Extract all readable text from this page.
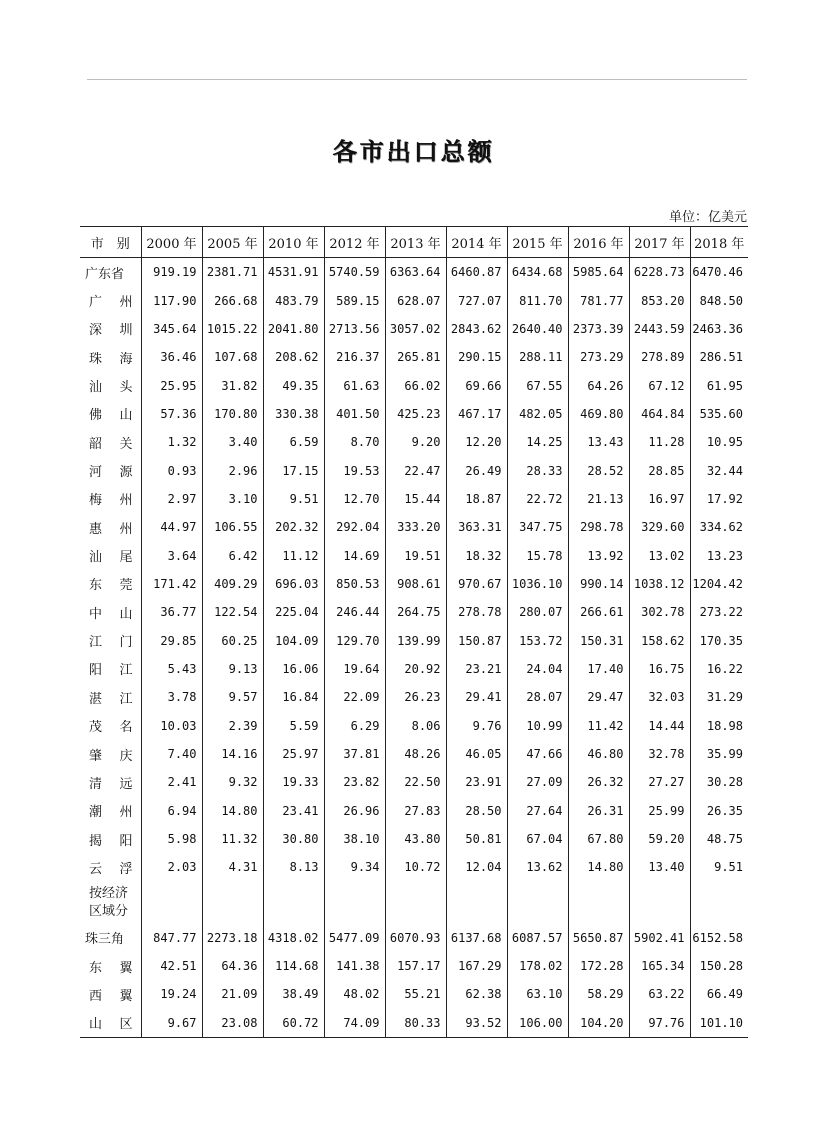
各市出口总额
单位：亿美元
市　别	2000 年	2005 年	2010 年	2012 年	2013 年	2014 年	2015 年	2016 年	2017 年	2018 年
广东省	919.19	2381.71	4531.91	5740.59	6363.64	6460.87	6434.68	5985.64	6228.73	6470.46
广州	117.90	266.68	483.79	589.15	628.07	727.07	811.70	781.77	853.20	848.50
深圳	345.64	1015.22	2041.80	2713.56	3057.02	2843.62	2640.40	2373.39	2443.59	2463.36
珠海	36.46	107.68	208.62	216.37	265.81	290.15	288.11	273.29	278.89	286.51
汕头	25.95	31.82	49.35	61.63	66.02	69.66	67.55	64.26	67.12	61.95
佛山	57.36	170.80	330.38	401.50	425.23	467.17	482.05	469.80	464.84	535.60
韶关	1.32	3.40	6.59	8.70	9.20	12.20	14.25	13.43	11.28	10.95
河源	0.93	2.96	17.15	19.53	22.47	26.49	28.33	28.52	28.85	32.44
梅州	2.97	3.10	9.51	12.70	15.44	18.87	22.72	21.13	16.97	17.92
惠州	44.97	106.55	202.32	292.04	333.20	363.31	347.75	298.78	329.60	334.62
汕尾	3.64	6.42	11.12	14.69	19.51	18.32	15.78	13.92	13.02	13.23
东莞	171.42	409.29	696.03	850.53	908.61	970.67	1036.10	990.14	1038.12	1204.42
中山	36.77	122.54	225.04	246.44	264.75	278.78	280.07	266.61	302.78	273.22
江门	29.85	60.25	104.09	129.70	139.99	150.87	153.72	150.31	158.62	170.35
阳江	5.43	9.13	16.06	19.64	20.92	23.21	24.04	17.40	16.75	16.22
湛江	3.78	9.57	16.84	22.09	26.23	29.41	28.07	29.47	32.03	31.29
茂名	10.03	2.39	5.59	6.29	8.06	9.76	10.99	11.42	14.44	18.98
肇庆	7.40	14.16	25.97	37.81	48.26	46.05	47.66	46.80	32.78	35.99
清远	2.41	9.32	19.33	23.82	22.50	23.91	27.09	26.32	27.27	30.28
潮州	6.94	14.80	23.41	26.96	27.83	28.50	27.64	26.31	25.99	26.35
揭阳	5.98	11.32	30.80	38.10	43.80	50.81	67.04	67.80	59.20	48.75
云浮	2.03	4.31	8.13	9.34	10.72	12.04	13.62	14.80	13.40	9.51
按经济
区域分										
珠三角	847.77	2273.18	4318.02	5477.09	6070.93	6137.68	6087.57	5650.87	5902.41	6152.58
东翼	42.51	64.36	114.68	141.38	157.17	167.29	178.02	172.28	165.34	150.28
西翼	19.24	21.09	38.49	48.02	55.21	62.38	63.10	58.29	63.22	66.49
山区	9.67	23.08	60.72	74.09	80.33	93.52	106.00	104.20	97.76	101.10
